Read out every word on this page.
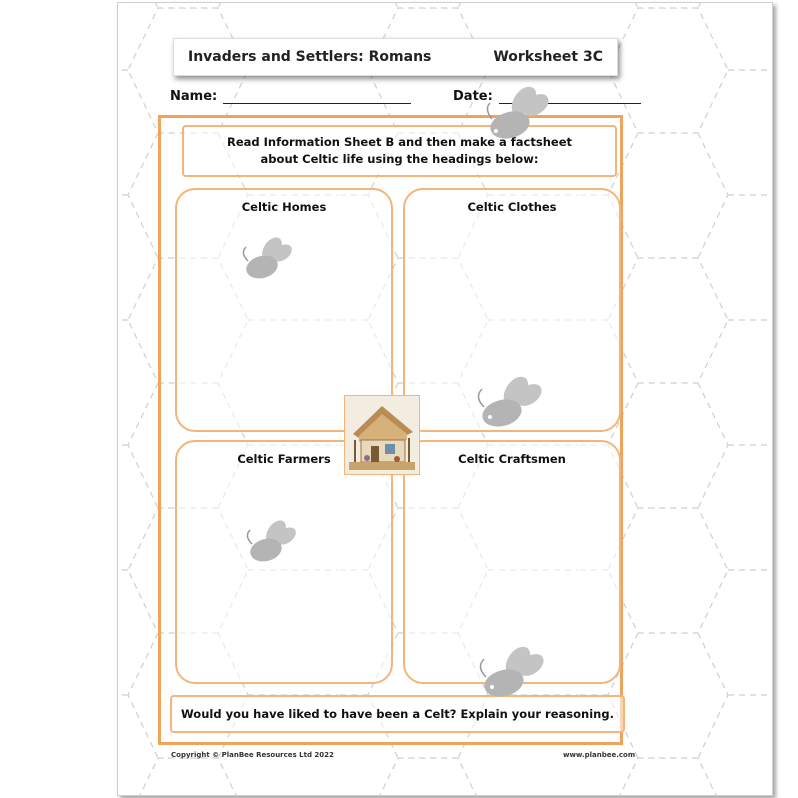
Invaders and Settlers: Romans	Worksheet 3C
Name:	Date:
Read Information Sheet B and then make a factsheet about Celtic life using the headings below:
Celtic Homes	Celtic Clothes
Celtic Farmers	Celtic Craftsmen
Would you have liked to have been a Celt? Explain your reasoning.
Copyright © PlanBee Resources Ltd 2022	www.planbee.com
